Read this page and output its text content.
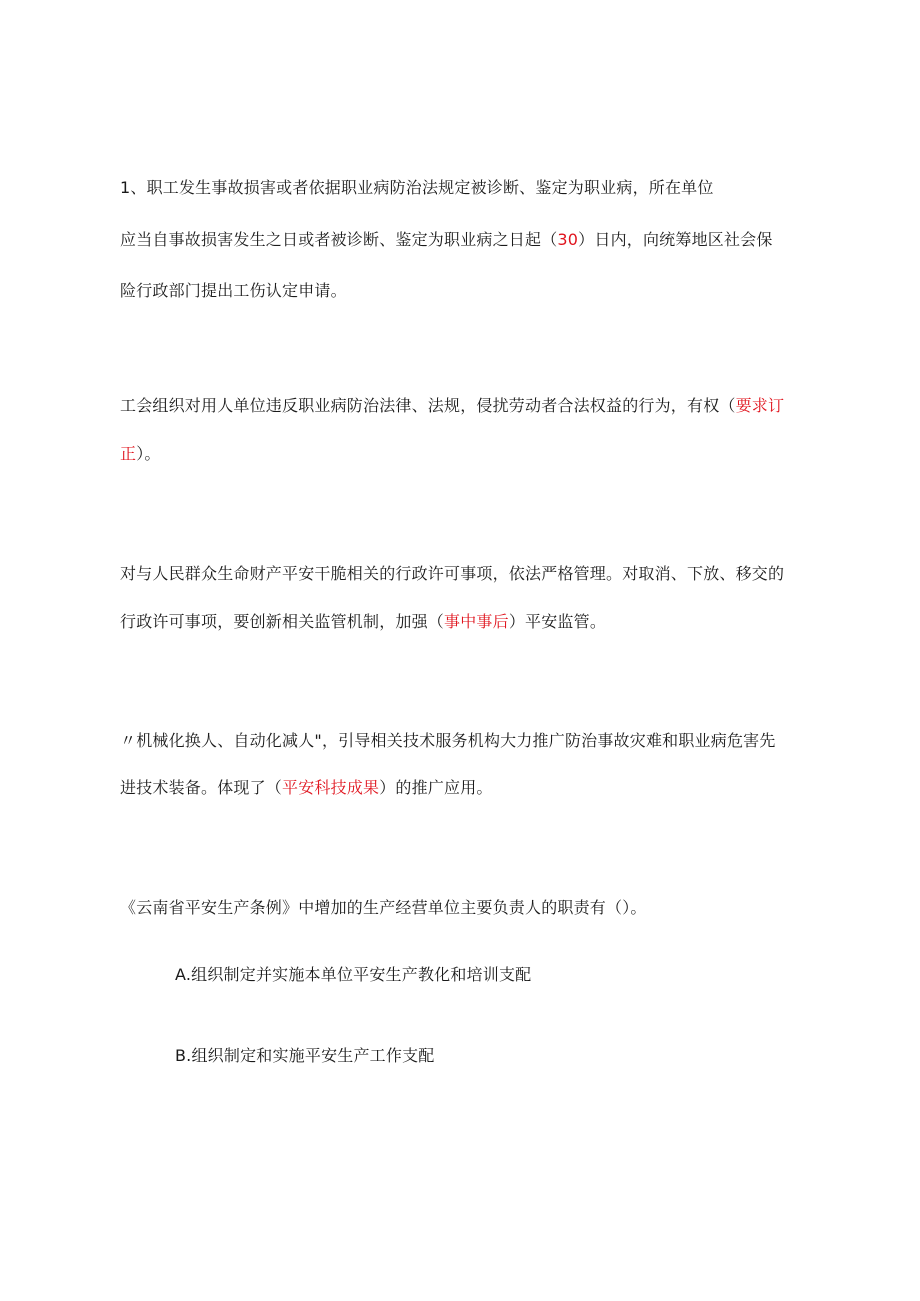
1、职工发生事故损害或者依据职业病防治法规定被诊断、鉴定为职业病，所在单位
应当自事故损害发生之日或者被诊断、鉴定为职业病之日起（30）日内，向统筹地区社会保
险行政部门提出工伤认定申请。
工会组织对用人单位违反职业病防治法律、法规，侵扰劳动者合法权益的行为，有权（要求订
正）。
对与人民群众生命财产平安干脆相关的行政许可事项，依法严格管理。对取消、下放、移交的
行政许可事项，要创新相关监管机制，加强（事中事后）平安监管。
〃机械化换人、自动化减人"，引导相关技术服务机构大力推广防治事故灾难和职业病危害先
进技术装备。体现了（平安科技成果）的推广应用。
《云南省平安生产条例》中增加的生产经营单位主要负责人的职责有（）。
A.组织制定并实施本单位平安生产教化和培训支配
B.组织制定和实施平安生产工作支配
